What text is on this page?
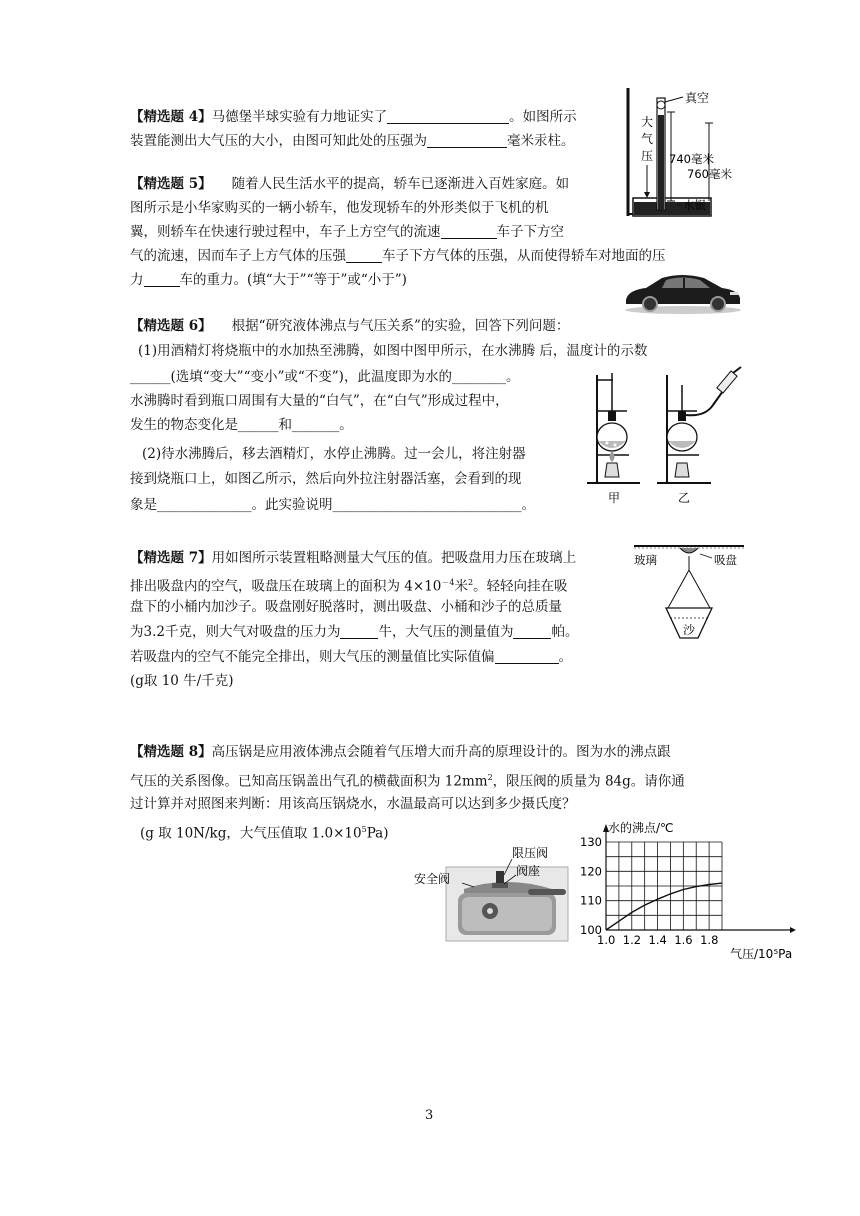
【精选题 4】马德堡半球实验有力地证实了	。如图所示
装置能测出大气压的大小，由图可知此处的压强为	毫米汞柱。
真空
大
气
压 740毫米
760毫米
水银
【精选题 5】 随着人民生活水平的提高，轿车已逐渐进入百姓家庭。如
图所示是小华家购买的一辆小轿车，他发现轿车的外形类似于飞机的机
翼，则轿车在快速行驶过程中，车子上方空气的流速	车子下方空
气的流速，因而车子上方气体的压强	车子下方气体的压强，从而使得轿车对地面的压
力	车的重力。(填“大于”“等于”或“小于”)
【精选题 6】 根据“研究液体沸点与气压关系”的实验，回答下列问题：
(1)用酒精灯将烧瓶中的水加热至沸腾，如图中图甲所示，在水沸腾 后，温度计的示数
______(选填“变大”“变小”或“不变”)，此温度即为水的________。
水沸腾时看到瓶口周围有大量的“白气”，在“白气”形成过程中，
发生的物态变化是______和_______。
(2)待水沸腾后，移去酒精灯，水停止沸腾。过一会儿，将注射器
接到烧瓶口上，如图乙所示，然后向外拉注射器活塞，会看到的现
象是______________。此实验说明____________________________。	甲	乙
【精选题 7】用如图所示装置粗略测量大气压的值。把吸盘用力压在玻璃上
排出吸盘内的空气，吸盘压在玻璃上的面积为 $4\times 10^{-4}$米$^2$。轻轻向挂在吸
盘下的小桶内加沙子。吸盘刚好脱落时，测出吸盘、小桶和沙子的总质量
为3.2千克，则大气对吸盘的压力为	牛，大气压的测量值为	帕。
若吸盘内的空气不能完全排出，则大气压的测量值比实际值偏	。
(g取 10 牛/千克)
玻璃	吸盘
沙
【精选题 8】高压锅是应用液体沸点会随着气压增大而升高的原理设计的。图为水的沸点跟
气压的关系图像。已知高压锅盖出气孔的横截面积为 $12mm^2$，限压阀的质量为 84g。请你通
过计算并对照图来判断：用该高压锅烧水，水温最高可以达到多少摄氏度？
(g 取 10N/kg，大气压值取 $1.0\times 10^5Pa$)
限压阀
阀座
安全阀
水的沸点/℃
气压/10⁵Pa
1.0 1.2 1.4 1.6 1.8
100
110
120
130
3
